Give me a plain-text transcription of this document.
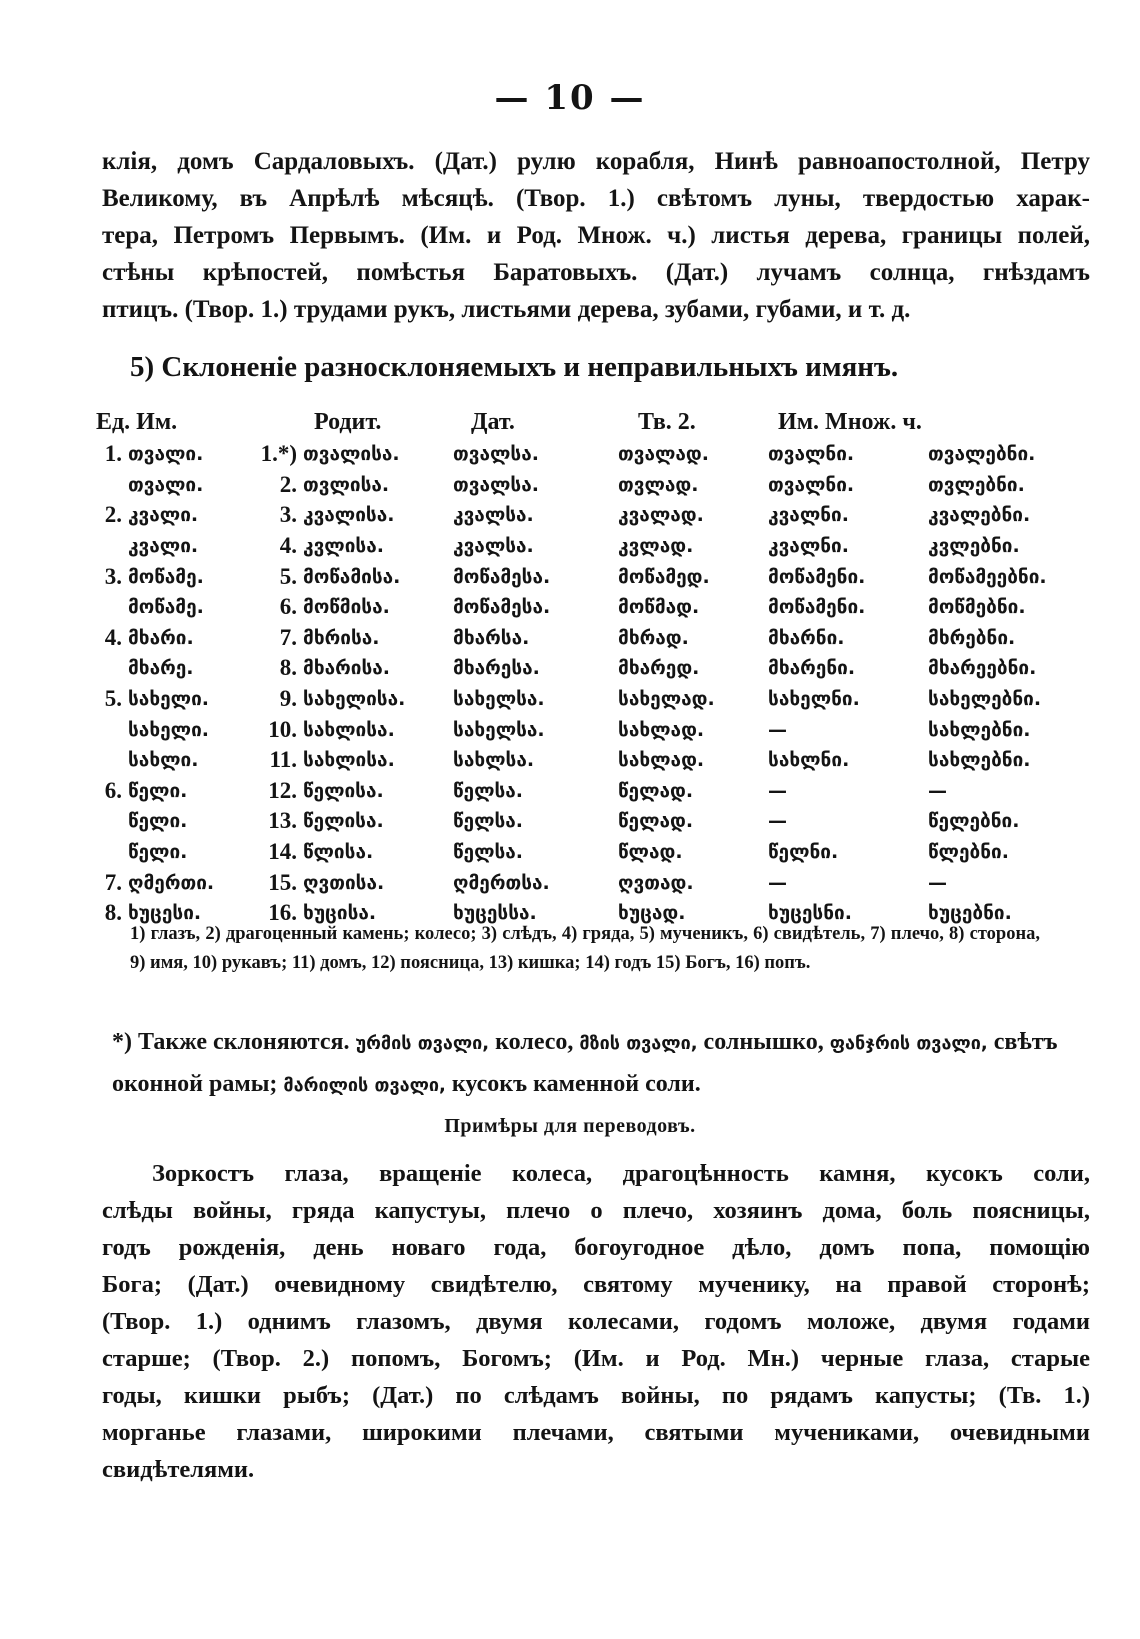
— 10 —
клія, домъ Сардаловыхъ. (Дат.) рулю корабля, Нинѣ равноапостолной, Петру
Великому, въ Апрѣлѣ мѣсяцѣ. (Твор. 1.) свѣтомъ луны, твердостью харак-
тера, Петромъ Первымъ. (Им. и Род. Множ. ч.) листья дерева, границы полей,
стѣны крѣпостей, помѣстья Баратовыхъ. (Дат.) лучамъ солнца, гнѣздамъ
птицъ. (Твор. 1.) трудами рукъ, листьями дерева, зубами, губами, и т. д.
5) Склоненіе разносклоняемыхъ и неправильныхъ имянъ.
Ед. Им.		Родит.		Дат.	Тв. 2.	Им. Множ. ч.	
1.	თვალი.	1.*)	თვალისა.	თვალსა.	თვალად.	თვალნი.	თვალებნი.
	თვალი.	2.	თვლისა.	თვალსა.	თვლად.	თვალნი.	თვლებნი.
2.	კვალი.	3.	კვალისა.	კვალსა.	კვალად.	კვალნი.	კვალებნი.
	კვალი.	4.	კვლისა.	კვალსა.	კვლად.	კვალნი.	კვლებნი.
3.	მოწამე.	5.	მოწამისა.	მოწამესა.	მოწამედ.	მოწამენი.	მოწამეებნი.
	მოწამე.	6.	მოწმისა.	მოწამესა.	მოწმად.	მოწამენი.	მოწმებნი.
4.	მხარი.	7.	მხრისა.	მხარსა.	მხრად.	მხარნი.	მხრებნი.
	მხარე.	8.	მხარისა.	მხარესა.	მხარედ.	მხარენი.	მხარეებნი.
5.	სახელი.	9.	სახელისა.	სახელსა.	სახელად.	სახელნი.	სახელებნი.
	სახელი.	10.	სახლისა.	სახელსა.	სახლად.	—	სახლებნი.
	სახლი.	11.	სახლისა.	სახლსა.	სახლად.	სახლნი.	სახლებნი.
6.	წელი.	12.	წელისა.	წელსა.	წელად.	—	—
	წელი.	13.	წელისა.	წელსა.	წელად.	—	წელებნი.
	წელი.	14.	წლისა.	წელსა.	წლად.	წელნი.	წლებნი.
7.	ღმერთი.	15.	ღვთისა.	ღმერთსა.	ღვთად.	—	—
8.	ხუცესი.	16.	ხუცისა.	ხუცესსა.	ხუცად.	ხუცესნი.	ხუცებნი.
1) глазъ, 2) драгоценный камень; колесо; 3) слѣдъ, 4) гряда, 5) мученикъ, 6) свидѣтель, 7) плечо, 8) сторона, 9) имя, 10) рукавъ; 11) домъ, 12) поясница, 13) кишка; 14) годъ 15) Богъ, 16) попъ.
*) Также склоняются. ურმის თვალი, колесо, მზის თვალი, солнышко, ფანჯრის თვალი, свѣтъ оконной рамы; მარილის თვალი, кусокъ каменной соли.
Примѣры для переводовъ.
Зоркостъ глаза, вращеніе колеса, драгоцѣнность камня, кусокъ соли,
слѣды войны, гряда капустуы, плечо о плечо, хозяинъ дома, боль поясницы,
годъ рожденія, день новаго года, богоугодное дѣло, домъ попа, помощію
Бога; (Дат.) очевидному свидѣтелю, святому мученику, на правой сторонѣ;
(Твор. 1.) однимъ глазомъ, двумя колесами, годомъ моложе, двумя годами
старше; (Твор. 2.) попомъ, Богомъ; (Им. и Род. Мн.) черные глаза, старые
годы, кишки рыбъ; (Дат.) по слѣдамъ войны, по рядамъ капусты; (Тв. 1.)
морганье глазами, широкими плечами, святыми мучениками, очевидными
свидѣтелями.
